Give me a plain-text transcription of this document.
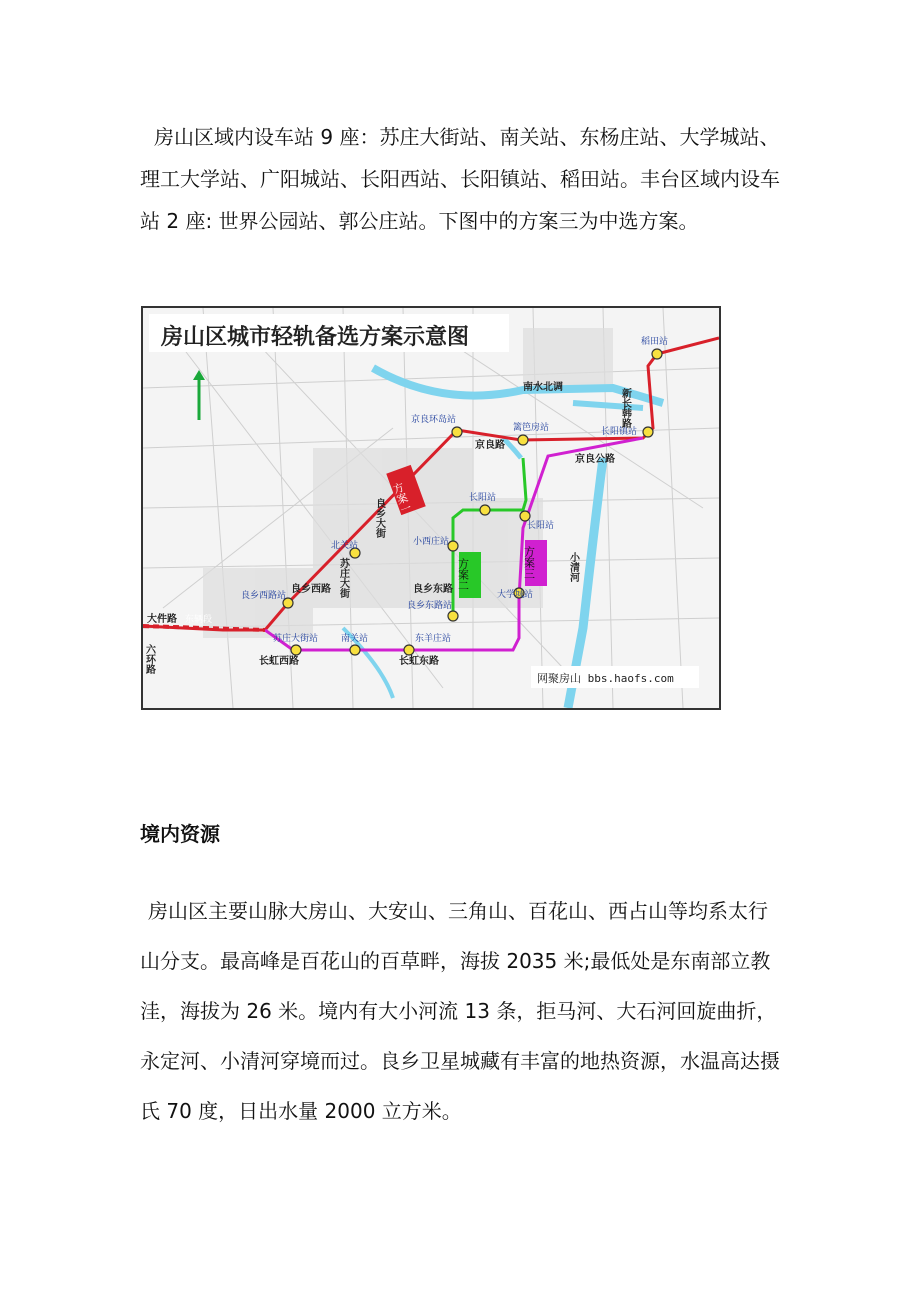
房山区域内设车站 9 座：苏庄大街站、南关站、东杨庄站、大学城站、理工大学站、广阳城站、长阳西站、长阳镇站、稻田站。丰台区域内设车站 2 座: 世界公园站、郭公庄站。下图中的方案三为中选方案。

房山区城市轻轨备选方案示意图	稻田站
长阳镇站
京良环岛站
篱笆房站
长阳站
长阳站
小西庄站
北关站
良乡西路站
良乡东路站
大学城站
东羊庄站
南关站
苏庄大街站
东辆段
南水北调
新长韩路
京良公路
京良路
大件路
六环路	长虹西路	长虹东路
良乡西路	良乡东路
小清河
良乡大街
苏庄大街
方案一
方案二	方案三
网聚房山 bbs.haofs.com
境内资源

房山区主要山脉大房山、大安山、三角山、百花山、西占山等均系太行山分支。最高峰是百花山的百草畔，海拔 2035 米;最低处是东南部立教洼，海拔为 26 米。境内有大小河流 13 条，拒马河、大石河回旋曲折，永定河、小清河穿境而过。良乡卫星城藏有丰富的地热资源，水温高达摄氏 70 度，日出水量 2000 立方米。
